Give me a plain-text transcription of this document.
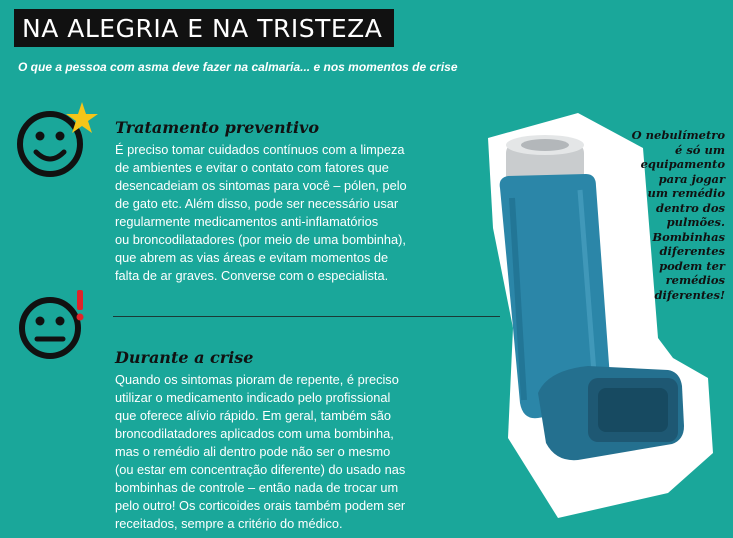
NA ALEGRIA E NA TRISTEZA
O que a pessoa com asma deve fazer na calmaria... e nos momentos de crise
Tratamento preventivo
É preciso tomar cuidados contínuos com a limpeza
de ambientes e evitar o contato com fatores que
desencadeiam os sintomas para você – pólen, pelo
de gato etc. Além disso, pode ser necessário usar
regularmente medicamentos anti-inflamatórios
ou broncodilatadores (por meio de uma bombinha),
que abrem as vias áreas e evitam momentos de
falta de ar graves. Converse com o especialista.
Durante a crise
Quando os sintomas pioram de repente, é preciso
utilizar o medicamento indicado pelo profissional
que oferece alívio rápido. Em geral, também são
broncodilatadores aplicados com uma bombinha,
mas o remédio ali dentro pode não ser o mesmo
(ou estar em concentração diferente) do usado nas
bombinhas de controle – então nada de trocar um
pelo outro! Os corticoides orais também podem ser
receitados, sempre a critério do médico.
O nebulímetro
é só um
equipamento
para jogar
um remédio
dentro dos
pulmões.
Bombinhas
diferentes
podem ter
remédios
diferentes!
